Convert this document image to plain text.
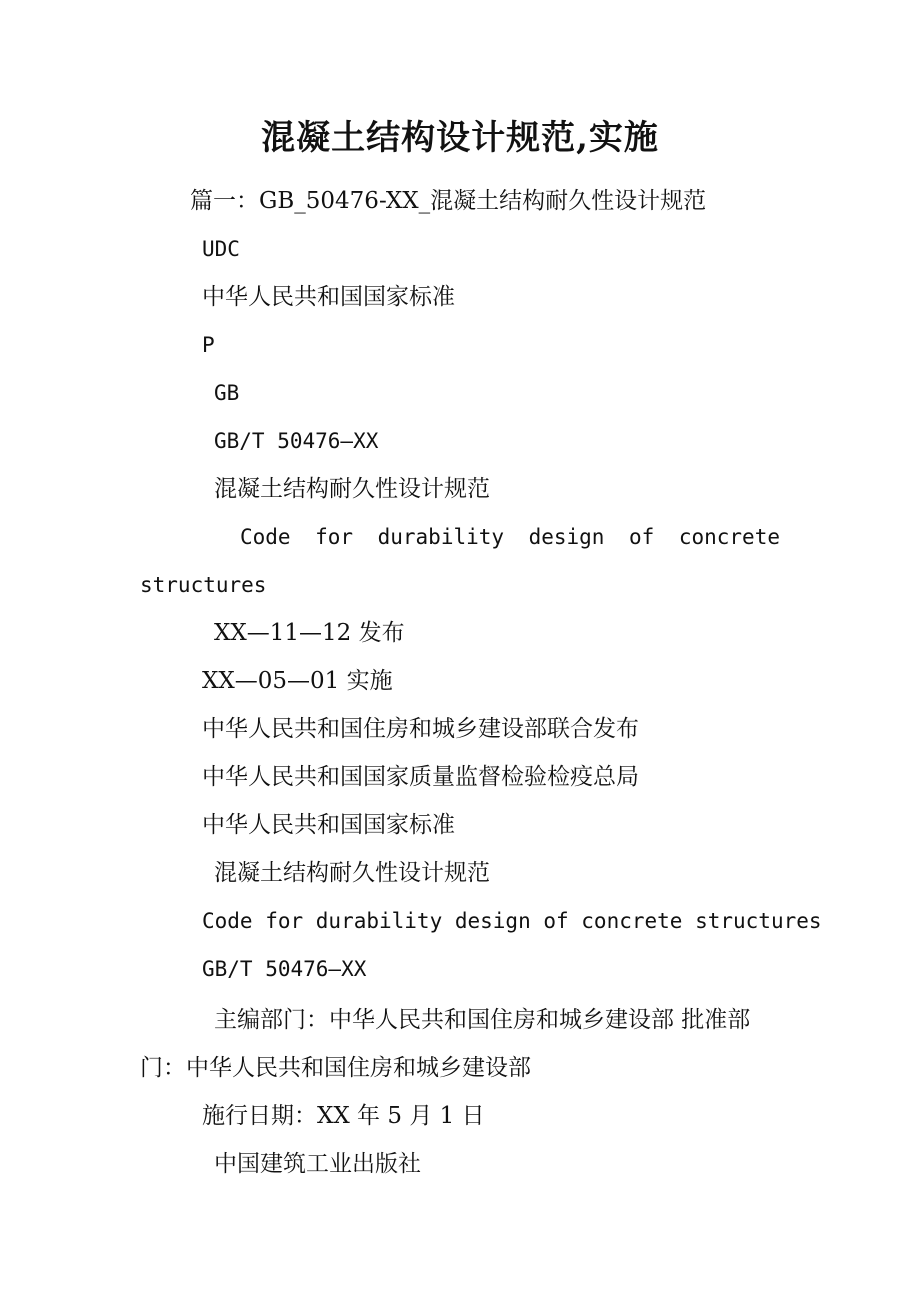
混凝土结构设计规范,实施
篇一：GB_50476-XX_混凝土结构耐久性设计规范
UDC
中华人民共和国国家标准
P
GB
GB/T 50476—XX
混凝土结构耐久性设计规范
Code for durability design of concrete
structures
XX—11—12 发布
XX—05—01 实施
中华人民共和国住房和城乡建设部联合发布
中华人民共和国国家质量监督检验检疫总局
中华人民共和国国家标准
混凝土结构耐久性设计规范
Code for durability design of concrete structures
GB/T 50476—XX
主编部门：中华人民共和国住房和城乡建设部 批准部
门：中华人民共和国住房和城乡建设部
施行日期：XX 年 5 月 1 日
中国建筑工业出版社
